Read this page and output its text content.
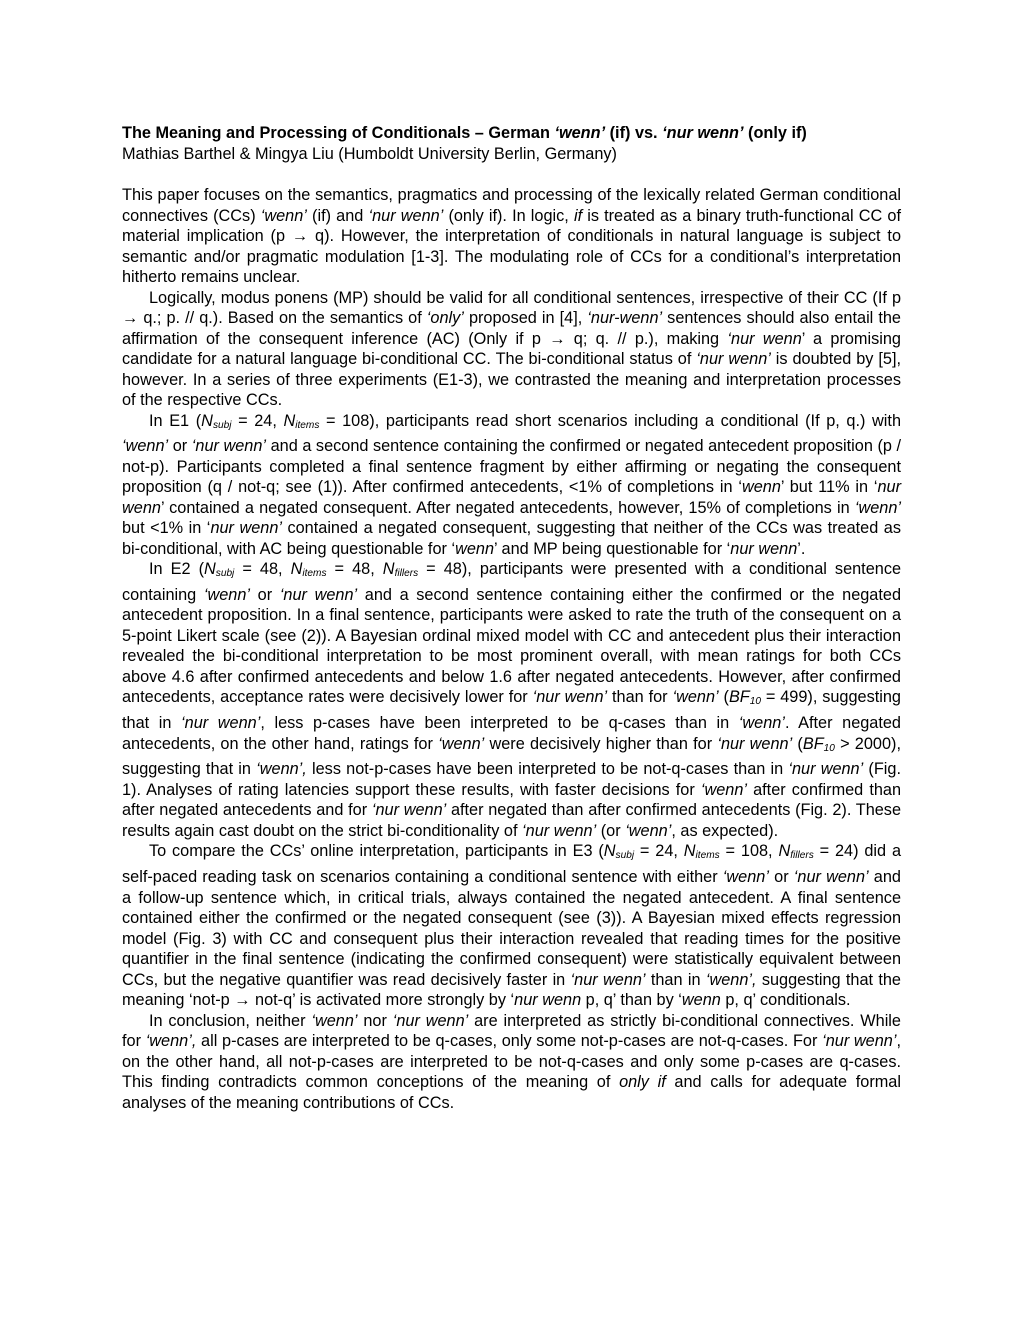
The Meaning and Processing of Conditionals – German ‘wenn’ (if) vs. ‘nur wenn’ (only if)
Mathias Barthel & Mingya Liu (Humboldt University Berlin, Germany)

This paper focuses on the semantics, pragmatics and processing of the lexically related German conditional connectives (CCs) ‘wenn’ (if) and ‘nur wenn’ (only if). In logic, if is treated as a binary truth-functional CC of material implication (p → q). However, the interpretation of conditionals in natural language is subject to semantic and/or pragmatic modulation [1-3]. The modulating role of CCs for a conditional’s interpretation hitherto remains unclear.

Logically, modus ponens (MP) should be valid for all conditional sentences, irrespective of their CC (If p → q.; p. // q.). Based on the semantics of ‘only’ proposed in [4], ‘nur-wenn’ sentences should also entail the affirmation of the consequent inference (AC) (Only if p → q; q. // p.), making ‘nur wenn’ a promising candidate for a natural language bi-conditional CC. The bi-conditional status of ‘nur wenn’ is doubted by [5], however. In a series of three experiments (E1-3), we contrasted the meaning and interpretation processes of the respective CCs.

In E1 (Nsubj = 24, Nitems = 108), participants read short scenarios including a conditional (If p, q.) with ‘wenn’ or ‘nur wenn’ and a second sentence containing the confirmed or negated antecedent proposition (p / not-p). Participants completed a final sentence fragment by either affirming or negating the consequent proposition (q / not-q; see (1)). After confirmed antecedents, <1% of completions in ‘wenn’ but 11% in ‘nur wenn’ contained a negated consequent. After negated antecedents, however, 15% of completions in ‘wenn’ but <1% in ‘nur wenn’ contained a negated consequent, suggesting that neither of the CCs was treated as bi-conditional, with AC being questionable for ‘wenn’ and MP being questionable for ‘nur wenn’.

In E2 (Nsubj = 48, Nitems = 48, Nfillers = 48), participants were presented with a conditional sentence containing ‘wenn’ or ‘nur wenn’ and a second sentence containing either the confirmed or the negated antecedent proposition. In a final sentence, participants were asked to rate the truth of the consequent on a 5-point Likert scale (see (2)). A Bayesian ordinal mixed model with CC and antecedent plus their interaction revealed the bi-conditional interpretation to be most prominent overall, with mean ratings for both CCs above 4.6 after confirmed antecedents and below 1.6 after negated antecedents. However, after confirmed antecedents, acceptance rates were decisively lower for ‘nur wenn’ than for ‘wenn’ (BF10 = 499), suggesting that in ‘nur wenn’, less p-cases have been interpreted to be q-cases than in ‘wenn’. After negated antecedents, on the other hand, ratings for ‘wenn’ were decisively higher than for ‘nur wenn’ (BF10 > 2000), suggesting that in ‘wenn’, less not-p-cases have been interpreted to be not-q-cases than in ‘nur wenn’ (Fig. 1). Analyses of rating latencies support these results, with faster decisions for ‘wenn’ after confirmed than after negated antecedents and for ‘nur wenn’ after negated than after confirmed antecedents (Fig. 2). These results again cast doubt on the strict bi-conditionality of ‘nur wenn’ (or ‘wenn’, as expected).

To compare the CCs’ online interpretation, participants in E3 (Nsubj = 24, Nitems = 108, Nfillers = 24) did a self-paced reading task on scenarios containing a conditional sentence with either ‘wenn’ or ‘nur wenn’ and a follow-up sentence which, in critical trials, always contained the negated antecedent. A final sentence contained either the confirmed or the negated consequent (see (3)). A Bayesian mixed effects regression model (Fig. 3) with CC and consequent plus their interaction revealed that reading times for the positive quantifier in the final sentence (indicating the confirmed consequent) were statistically equivalent between CCs, but the negative quantifier was read decisively faster in ‘nur wenn’ than in ‘wenn’, suggesting that the meaning ‘not-p → not-q’ is activated more strongly by ‘nur wenn p, q’ than by ‘wenn p, q’ conditionals.

In conclusion, neither ‘wenn’ nor ‘nur wenn’ are interpreted as strictly bi-conditional connectives. While for ‘wenn’, all p-cases are interpreted to be q-cases, only some not-p-cases are not-q-cases. For ‘nur wenn’, on the other hand, all not-p-cases are interpreted to be not-q-cases and only some p-cases are q-cases. This finding contradicts common conceptions of the meaning of only if and calls for adequate formal analyses of the meaning contributions of CCs.
